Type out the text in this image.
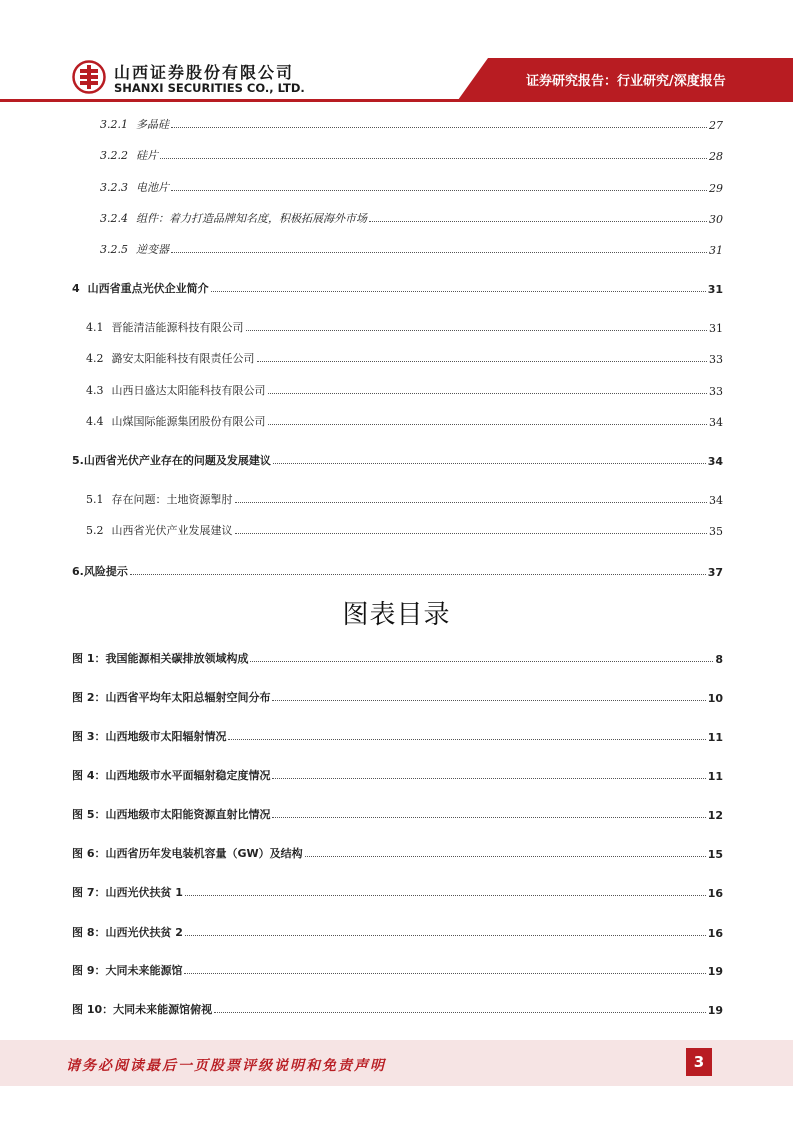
山西证券股份有限公司
SHANXI SECURITIES CO., LTD.	证券研究报告：行业研究/深度报告
3.2.1 多晶硅	27
3.2.2 硅片	28
3.2.3 电池片	29
3.2.4 组件：着力打造品牌知名度，积极拓展海外市场	30
3.2.5 逆变器	31
4 山西省重点光伏企业简介	31
4.1 晋能清洁能源科技有限公司	31
4.2 潞安太阳能科技有限责任公司	33
4.3 山西日盛达太阳能科技有限公司	33
4.4 山煤国际能源集团股份有限公司	34
5.山西省光伏产业存在的问题及发展建议	34
5.1 存在问题：土地资源掣肘	34
5.2 山西省光伏产业发展建议	35
6.风险提示	37
图表目录
图 1：我国能源相关碳排放领域构成	8
图 2：山西省平均年太阳总辐射空间分布	10
图 3：山西地级市太阳辐射情况	11
图 4：山西地级市水平面辐射稳定度情况	11
图 5：山西地级市太阳能资源直射比情况	12
图 6：山西省历年发电装机容量（GW）及结构	15
图 7：山西光伏扶贫 1	16
图 8：山西光伏扶贫 2	16
图 9：大同未来能源馆	19
图 10：大同未来能源馆俯视	19
请务必阅读最后一页股票评级说明和免责声明	3
